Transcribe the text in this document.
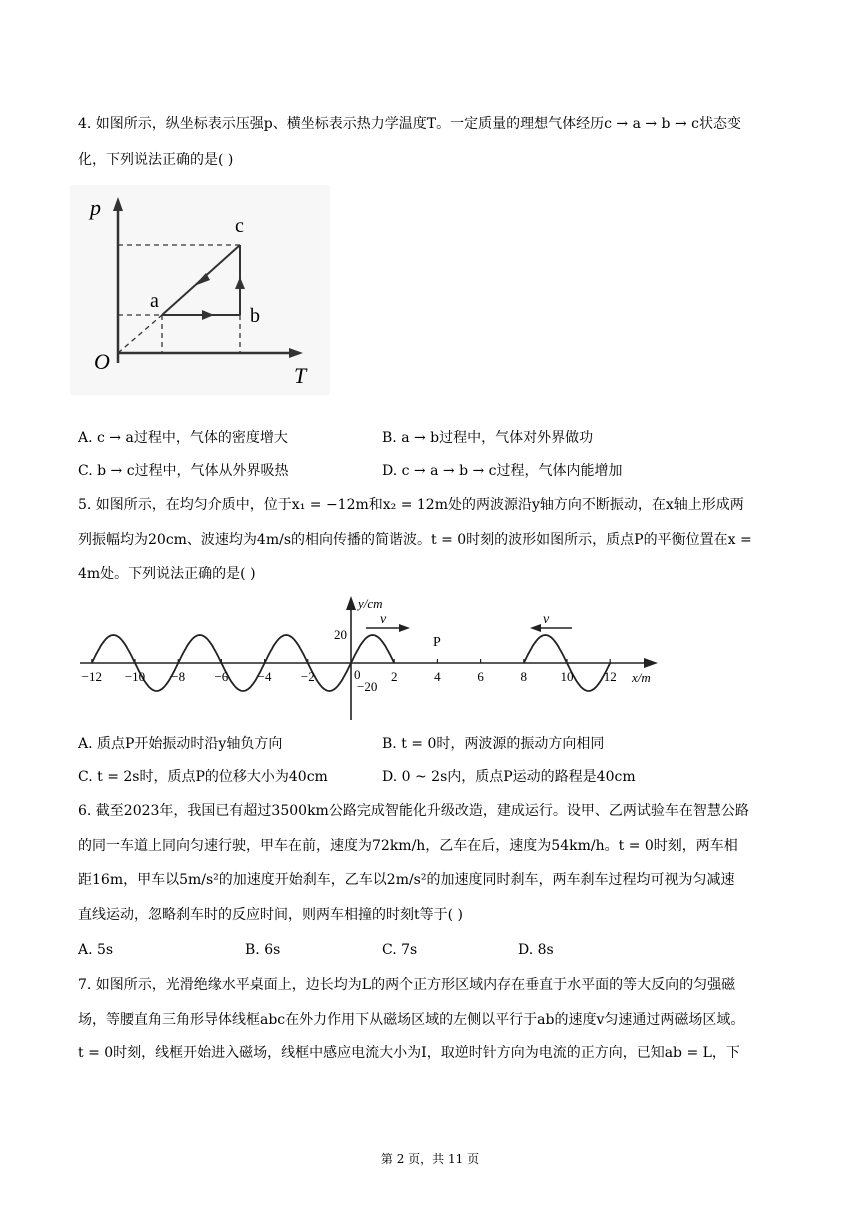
4. 如图所示，纵坐标表示压强p、横坐标表示热力学温度T。一定质量的理想气体经历c → a → b → c状态变
化，下列说法正确的是( )
p
T
O
a
b
c
A. c → a过程中，气体的密度增大	B. a → b过程中，气体对外界做功
C. b → c过程中，气体从外界吸热	D. c → a → b → c过程，气体内能增加
5. 如图所示，在均匀介质中，位于x₁ = −12m和x₂ = 12m处的两波源沿y轴方向不断振动，在x轴上形成两
列振幅均为20cm、波速均为4m/s的相向传播的简谐波。t = 0时刻的波形如图所示，质点P的平衡位置在x =
4m处。下列说法正确的是( )
−12 −10 −8 −6 −4 −2	2	4	6	8	10 12
y/cm
x/m
20
−20
0
P
v	v
A. 质点P开始振动时沿y轴负方向	B. t = 0时，两波源的振动方向相同
C. t = 2s时，质点P的位移大小为40cm	D. 0 ~ 2s内，质点P运动的路程是40cm
6. 截至2023年，我国已有超过3500km公路完成智能化升级改造，建成运行。设甲、乙两试验车在智慧公路
的同一车道上同向匀速行驶，甲车在前，速度为72km/h，乙车在后，速度为54km/h。t = 0时刻，两车相
距16m，甲车以5m/s²的加速度开始刹车，乙车以2m/s²的加速度同时刹车，两车刹车过程均可视为匀减速
直线运动，忽略刹车时的反应时间，则两车相撞的时刻t等于( )
A. 5s	B. 6s	C. 7s	D. 8s
7. 如图所示，光滑绝缘水平桌面上，边长均为L的两个正方形区域内存在垂直于水平面的等大反向的匀强磁
场，等腰直角三角形导体线框abc在外力作用下从磁场区域的左侧以平行于ab的速度v匀速通过两磁场区域。
t = 0时刻，线框开始进入磁场，线框中感应电流大小为I，取逆时针方向为电流的正方向，已知ab = L，下
第 2 页，共 11 页
